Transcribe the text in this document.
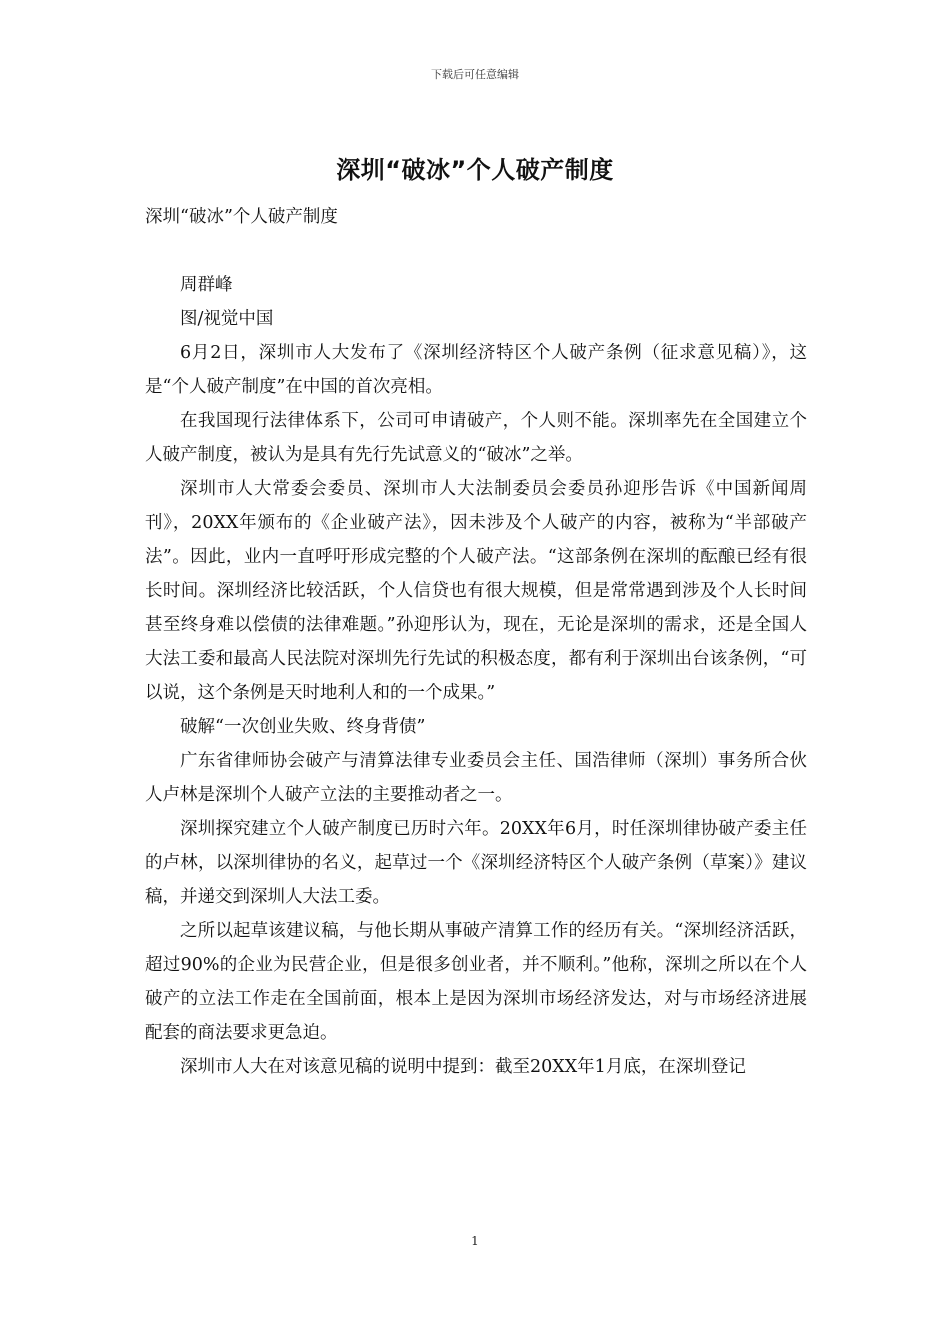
下载后可任意编辑
深圳“破冰”个人破产制度

深圳“破冰”个人破产制度

周群峰

图/视觉中国

6月2日，深圳市人大发布了《深圳经济特区个人破产条例（征求意见稿）》，这是“个人破产制度”在中国的首次亮相。

在我国现行法律体系下，公司可申请破产，个人则不能。深圳率先在全国建立个人破产制度，被认为是具有先行先试意义的“破冰”之举。

深圳市人大常委会委员、深圳市人大法制委员会委员孙迎彤告诉《中国新闻周刊》，20XX年颁布的《企业破产法》，因未涉及个人破产的内容，被称为“半部破产法”。因此，业内一直呼吁形成完整的个人破产法。“这部条例在深圳的酝酿已经有很长时间。深圳经济比较活跃，个人信贷也有很大规模，但是常常遇到涉及个人长时间甚至终身难以偿债的法律难题。”孙迎彤认为，现在，无论是深圳的需求，还是全国人大法工委和最高人民法院对深圳先行先试的积极态度，都有利于深圳出台该条例，“可以说，这个条例是天时地利人和的一个成果。”

破解“一次创业失败、终身背债”

广东省律师协会破产与清算法律专业委员会主任、国浩律师（深圳）事务所合伙人卢林是深圳个人破产立法的主要推动者之一。

深圳探究建立个人破产制度已历时六年。20XX年6月，时任深圳律协破产委主任的卢林，以深圳律协的名义，起草过一个《深圳经济特区个人破产条例（草案）》建议稿，并递交到深圳人大法工委。

之所以起草该建议稿，与他长期从事破产清算工作的经历有关。“深圳经济活跃，超过90%的企业为民营企业，但是很多创业者，并不顺利。”他称，深圳之所以在个人破产的立法工作走在全国前面，根本上是因为深圳市场经济发达，对与市场经济进展配套的商法要求更急迫。

深圳市人大在对该意见稿的说明中提到：截至20XX年1月底，在深圳登记

1
